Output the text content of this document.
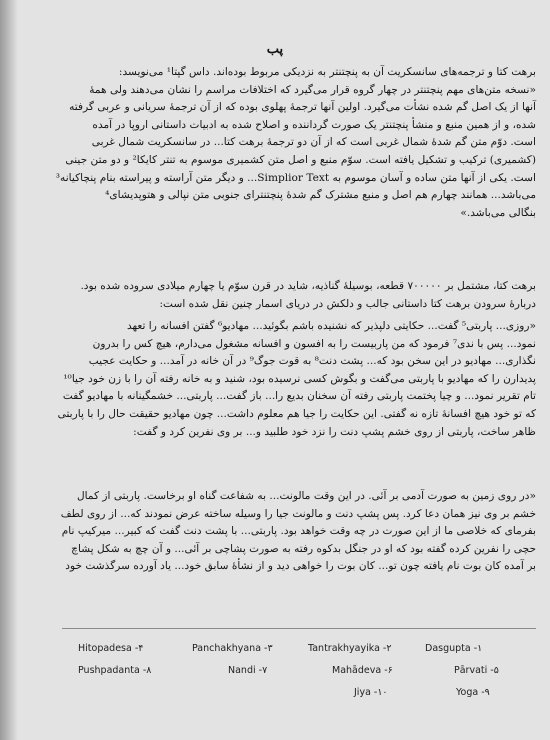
پب

برهت کتا و ترجمه‌های سانسکریت آن به پنچتنتر به نزدیکی مربوط بوده‌اند. داس گپتا¹ می‌نویسد:
«نسخه متن‌های مهم پنچتنتر در چهار گروه قرار می‌گیرد که اختلافات مراسم را نشان می‌دهند ولی همهٔ
آنها از یک اصل گم شده نشأت می‌گیرد. اولین آنها ترجمهٔ پهلوی بوده که از آن ترجمهٔ سریانی و عربی گرفته
شده، و از همین منبع و منشأ پنچتنتر یک صورت گرداننده و اصلاح شده به ادبیات داستانی اروپا در آمده
است. دوّم متن گم شدهٔ شمال غربی است که از آن دو ترجمهٔ برهت کتا... در سانسکریت شمال غربی
(کشمیری) ترکیب و تشکیل یافته است. سوّم منبع و اصل متن کشمیری موسوم به تنتر کایکا² و دو متن جینی
است. یکی از آنها متن ساده و آسان موسوم به Simplior Text... و دیگر متن آراسته و پیراسته بنام پنچاکیانه³
می‌باشد... همانند چهارم هم اصل و منبع مشترک گم شدهٔ پنچتنترای جنوبی متن نپالی و هتوپدیشای⁴
بنگالی می‌باشد.»

برهت کتا، مشتمل بر ۷۰۰۰۰۰ قطعه، بوسیلهٔ گناذیه، شاید در قرن سوّم یا چهارم میلادی سروده شده بود.
دربارهٔ سرودن برهت کتا داستانی جالب و دلکش در دریای اسمار چنین نقل شده است:

«روزی... پاربتی⁵ گفت... حکایتی دلپذیر که نشنیده باشم بگوئید... مهادیو⁶ گفتن افسانه را تعهد
نمود... پس با ندی⁷ فرمود که من پاربیست را به افسون و افسانه مشغول می‌دارم، هیچ کس را بدرون
نگذاری... مهادیو در این سخن بود که... پشت دنت⁸ به قوت جوگ⁹ در آن خانه در آمد... و حکایت عجیب
پدیدارن را که مهادیو با پاربتی می‌گفت و بگوش کسی نرسیده بود، شنید و به خانه رفته آن را با زن خود جیا¹⁰
تام تقریر نمود... و چیا پختمت پاربتی رفته آن سخنان بدیع را... باز گفت... پاربتی... خشمگینانه با مهادیو گفت
که تو خود هیچ افسانهٔ تازه نه گفتی. این حکایت را جیا هم معلوم داشت... چون مهادیو حقیقت حال را با پاربتی
ظاهر ساخت، پاربتی از روی خشم پشپ دنت را نزد خود طلبید و... بر وی نفرین کرد و گفت:

«در روی زمین به صورت آدمی بر آئی. در این وقت مالونت... به شفاعت گناه او برخاست. پاربتی از کمال
خشم بر وی نیز همان دعا کرد. پس پشپ دنت و مالونت جیا را وسیله ساخته عرض نمودند که... از روی لطف
بفرمای که خلاصی ما از این صورت در چه وقت خواهد بود. پاربتی... با پشت دنت گفت که کبیر... میرکیپ نام
حچی را نفرین کرده گفته بود که او در جنگل بدکوه رفته به صورت پشاچی بر آئی... و آن چچ به شکل پشاچ
بر آمده کان بوت نام یافته چون تو... کان بوت را خواهی دید و از نشأهٔ سابق خود... یاد آورده سرگذشت خود

Dasgupta -۱
Tantrakhyayika -۲
Panchakhyana -۳
Hitopadesa -۴
Pārvati -۵
Mahādeva -۶
Nandi -۷
Pushpadanta -۸
Yoga -۹
Jiya -۱۰
